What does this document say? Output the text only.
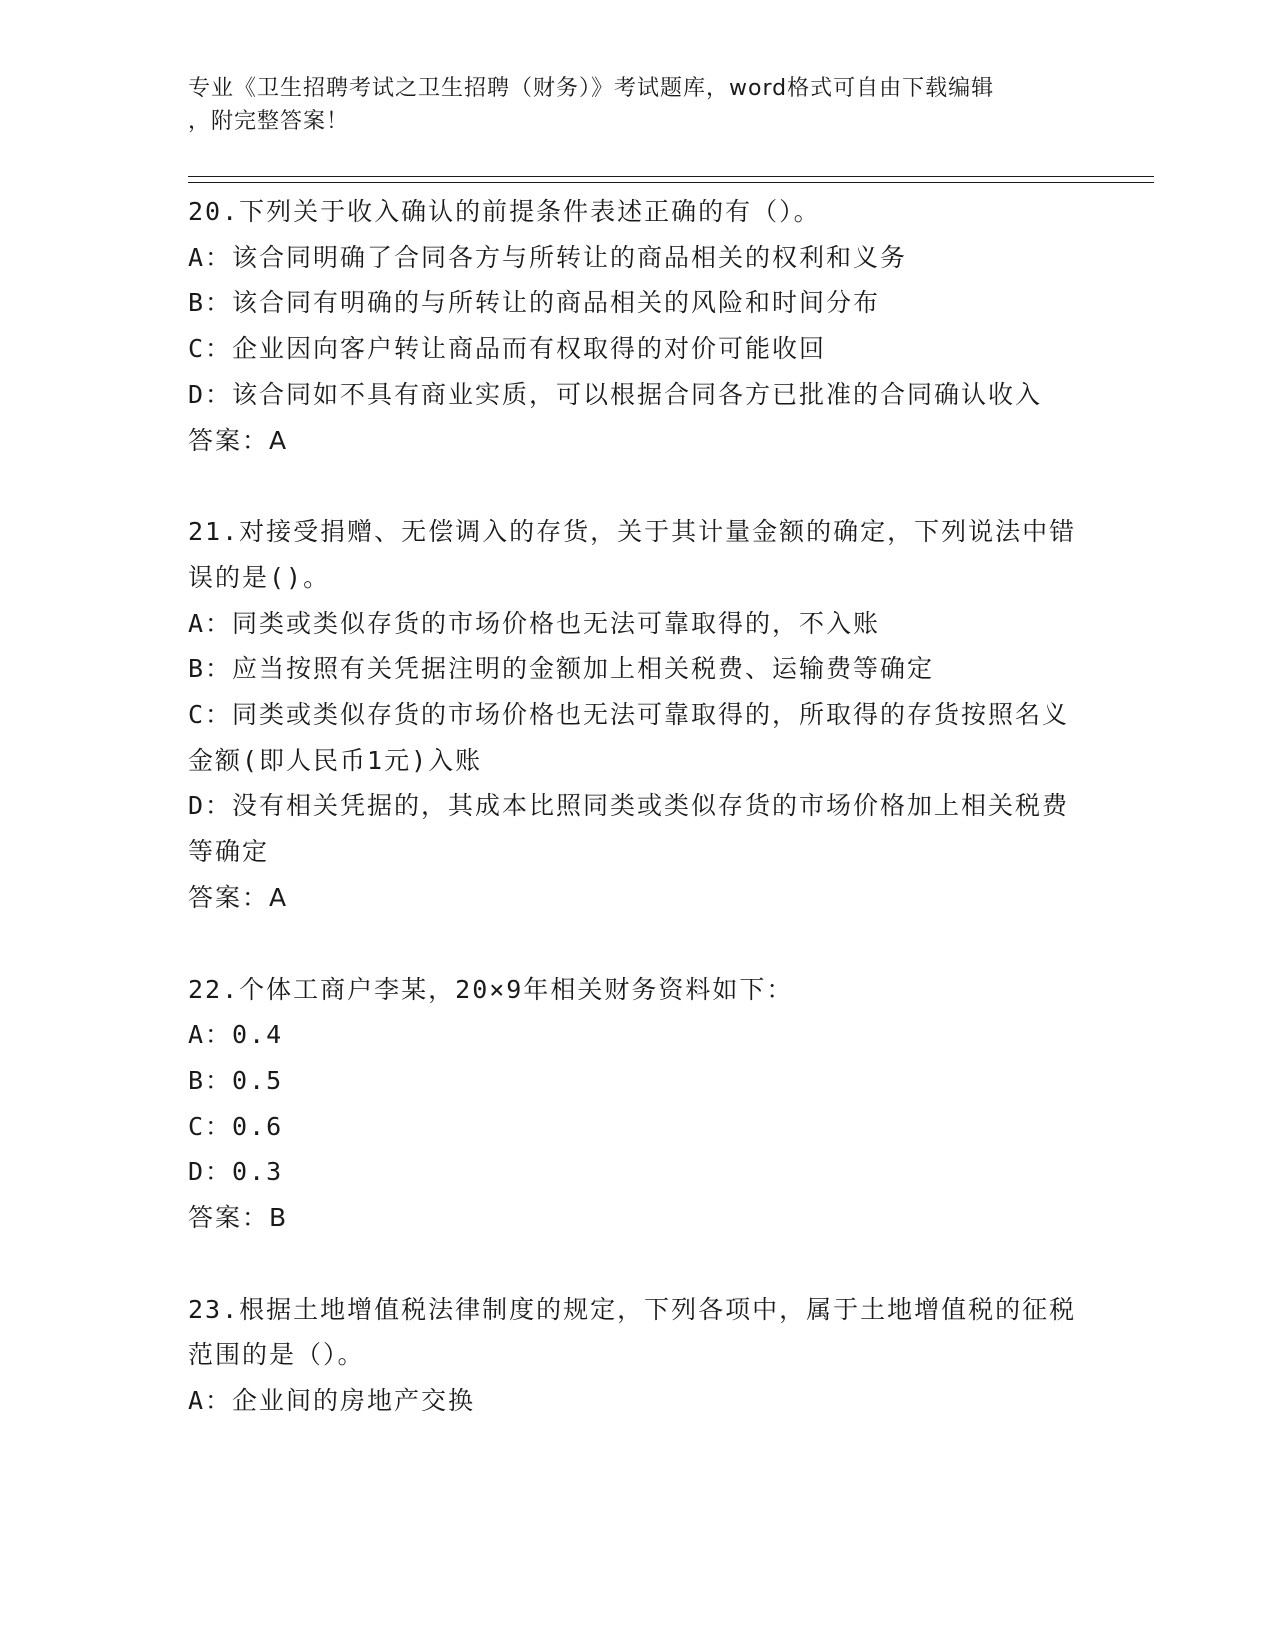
专业《卫生招聘考试之卫生招聘（财务）》考试题库，word格式可自由下载编辑
，附完整答案！
20.下列关于收入确认的前提条件表述正确的有（）。
A：该合同明确了合同各方与所转让的商品相关的权利和义务
B：该合同有明确的与所转让的商品相关的风险和时间分布
C：企业因向客户转让商品而有权取得的对价可能收回
D：该合同如不具有商业实质，可以根据合同各方已批准的合同确认收入
答案：A
21.对接受捐赠、无偿调入的存货，关于其计量金额的确定，下列说法中错误的是()。
A：同类或类似存货的市场价格也无法可靠取得的，不入账
B：应当按照有关凭据注明的金额加上相关税费、运输费等确定
C：同类或类似存货的市场价格也无法可靠取得的，所取得的存货按照名义金额(即人民币1元)入账
D：没有相关凭据的，其成本比照同类或类似存货的市场价格加上相关税费等确定
答案：A
22.个体工商户李某，20×9年相关财务资料如下：
A：0.4
B：0.5
C：0.6
D：0.3
答案：B
23.根据土地增值税法律制度的规定，下列各项中，属于土地增值税的征税范围的是（）。
A：企业间的房地产交换
